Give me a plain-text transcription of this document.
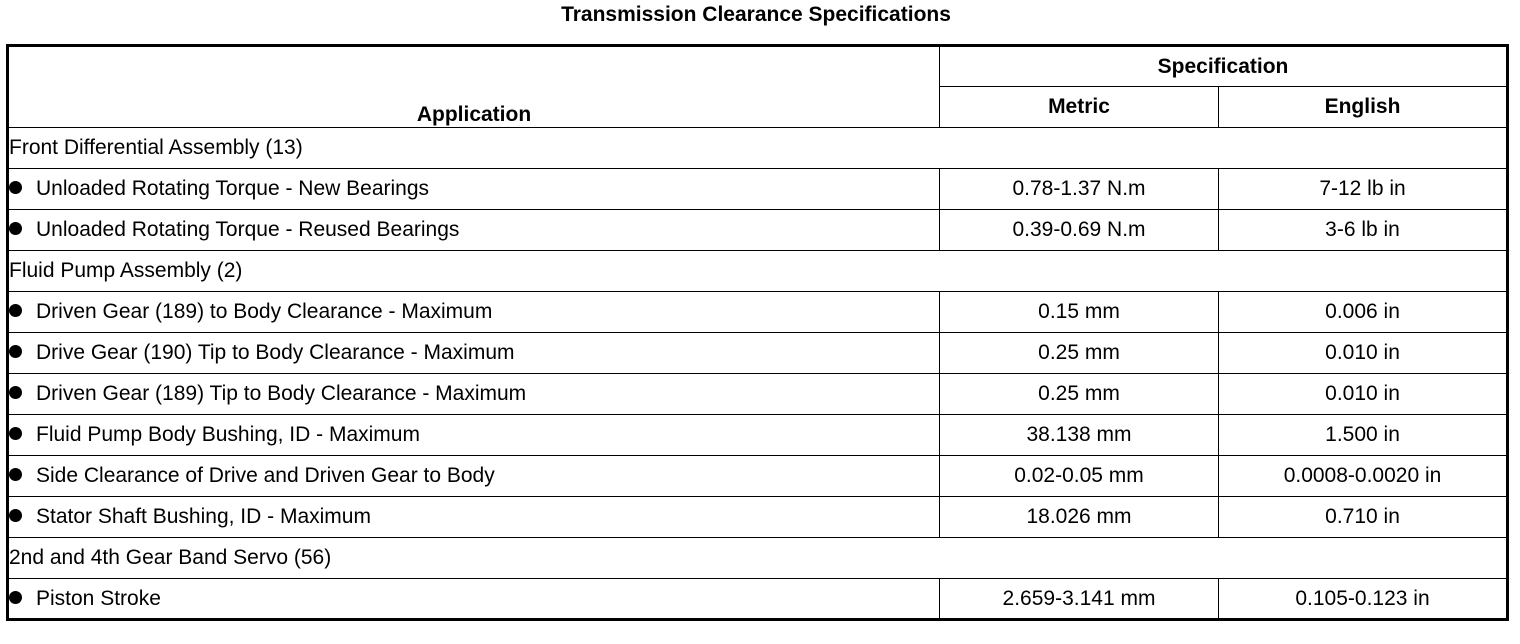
Transmission Clearance Specifications
Application	Specification	
	Metric	English
Front Differential Assembly (13)		
Unloaded Rotating Torque - New Bearings	0.78-1.37 N.m	7-12 lb in
Unloaded Rotating Torque - Reused Bearings	0.39-0.69 N.m	3-6 lb in
Fluid Pump Assembly (2)		
Driven Gear (189) to Body Clearance - Maximum	0.15 mm	0.006 in
Drive Gear (190) Tip to Body Clearance - Maximum	0.25 mm	0.010 in
Driven Gear (189) Tip to Body Clearance - Maximum	0.25 mm	0.010 in
Fluid Pump Body Bushing, ID - Maximum	38.138 mm	1.500 in
Side Clearance of Drive and Driven Gear to Body	0.02-0.05 mm	0.0008-0.0020 in
Stator Shaft Bushing, ID - Maximum	18.026 mm	0.710 in
2nd and 4th Gear Band Servo (56)		
Piston Stroke	2.659-3.141 mm	0.105-0.123 in
